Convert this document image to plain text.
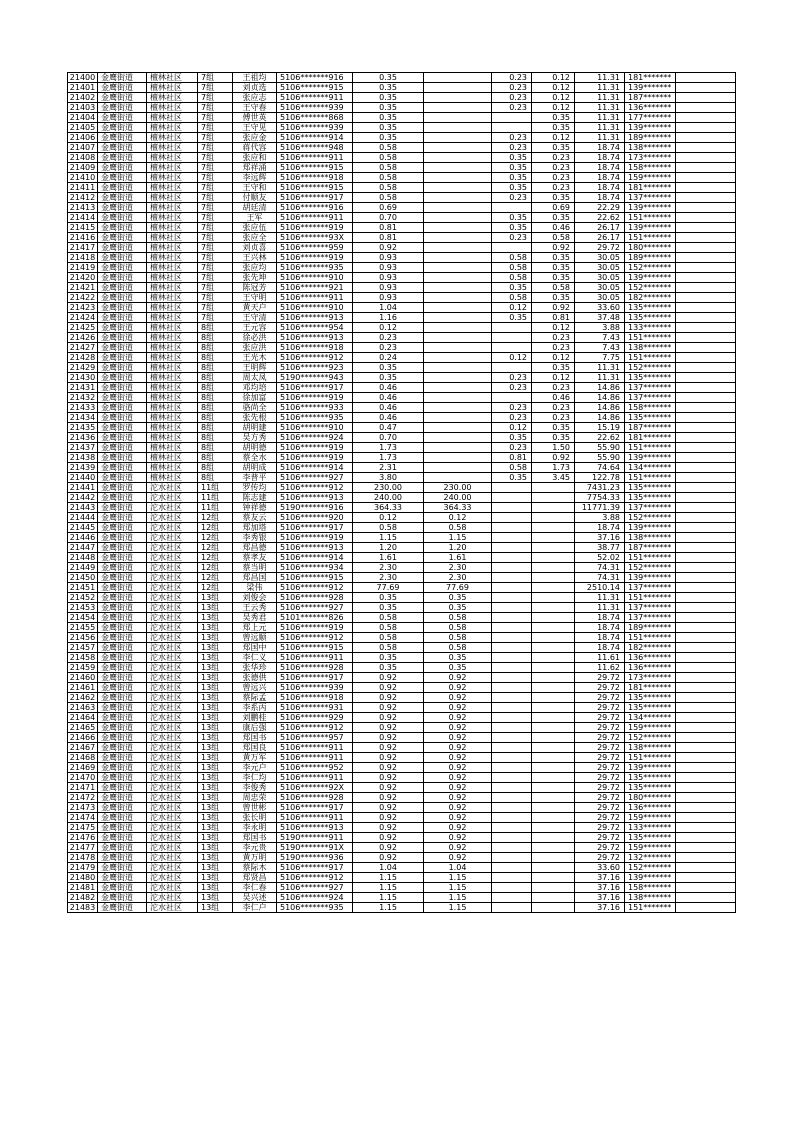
21400	金鹰街道	檀林社区	7组	王祖均	5106*******916	0.35		0.23	0.12	11.31	181*******	
21401	金鹰街道	檀林社区	7组	刘贞选	5106*******915	0.35		0.23	0.12	11.31	139*******	
21402	金鹰街道	檀林社区	7组	张应志	5106*******911	0.35		0.23	0.12	11.31	187*******	
21403	金鹰街道	檀林社区	7组	王守春	5106*******939	0.35		0.23	0.12	11.31	136*******	
21404	金鹰街道	檀林社区	7组	傅世英	5106*******868	0.35			0.35	11.31	177*******	
21405	金鹰街道	檀林社区	7组	王守见	5106*******939	0.35			0.35	11.31	139*******	
21406	金鹰街道	檀林社区	7组	张应金	5106*******914	0.35		0.23	0.12	11.31	189*******	
21407	金鹰街道	檀林社区	7组	蒋代容	5106*******948	0.58		0.23	0.35	18.74	138*******	
21408	金鹰街道	檀林社区	7组	张应和	5106*******911	0.58		0.35	0.23	18.74	173*******	
21409	金鹰街道	檀林社区	7组	郑祥涌	5106*******915	0.58		0.35	0.23	18.74	158*******	
21410	金鹰街道	檀林社区	7组	李远辉	5106*******918	0.58		0.35	0.23	18.74	159*******	
21411	金鹰街道	檀林社区	7组	王守和	5106*******915	0.58		0.35	0.23	18.74	181*******	
21412	金鹰街道	檀林社区	7组	付顺友	5106*******917	0.58		0.23	0.35	18.74	137*******	
21413	金鹰街道	檀林社区	7组	胡廷清	5106*******916	0.69			0.69	22.29	139*******	
21414	金鹰街道	檀林社区	7组	王军	5106*******911	0.70		0.35	0.35	22.62	151*******	
21415	金鹰街道	檀林社区	7组	张应伍	5106*******919	0.81		0.35	0.46	26.17	139*******	
21416	金鹰街道	檀林社区	7组	张应全	5106*******93X	0.81		0.23	0.58	26.17	151*******	
21417	金鹰街道	檀林社区	7组	刘贞喜	5106*******959	0.92			0.92	29.72	180*******	
21418	金鹰街道	檀林社区	7组	王兴林	5106*******919	0.93		0.58	0.35	30.05	189*******	
21419	金鹰街道	檀林社区	7组	张应均	5106*******935	0.93		0.58	0.35	30.05	152*******	
21420	金鹰街道	檀林社区	7组	张先坤	5106*******910	0.93		0.58	0.35	30.05	139*******	
21421	金鹰街道	檀林社区	7组	陈冠芳	5106*******921	0.93		0.35	0.58	30.05	152*******	
21422	金鹰街道	檀林社区	7组	王守明	5106*******911	0.93		0.58	0.35	30.05	182*******	
21423	金鹰街道	檀林社区	7组	黄天户	5106*******910	1.04		0.12	0.92	33.60	135*******	
21424	金鹰街道	檀林社区	7组	王守清	5106*******913	1.16		0.35	0.81	37.48	135*******	
21425	金鹰街道	檀林社区	8组	王元容	5106*******954	0.12			0.12	3.88	133*******	
21426	金鹰街道	檀林社区	8组	徐必洪	5106*******913	0.23			0.23	7.43	151*******	
21427	金鹰街道	檀林社区	8组	张应洪	5106*******918	0.23			0.23	7.43	138*******	
21428	金鹰街道	檀林社区	8组	王光木	5106*******912	0.24		0.12	0.12	7.75	151*******	
21429	金鹰街道	檀林社区	8组	王明辉	5106*******923	0.35			0.35	11.31	152*******	
21430	金鹰街道	檀林社区	8组	周太凤	5190*******943	0.35		0.23	0.12	11.31	135*******	
21431	金鹰街道	檀林社区	8组	邓均培	5106*******917	0.46		0.23	0.23	14.86	137*******	
21432	金鹰街道	檀林社区	8组	徐加富	5106*******919	0.46			0.46	14.86	137*******	
21433	金鹰街道	檀林社区	8组	骆尚全	5106*******933	0.46		0.23	0.23	14.86	158*******	
21434	金鹰街道	檀林社区	8组	张先根	5106*******935	0.46		0.23	0.23	14.86	135*******	
21435	金鹰街道	檀林社区	8组	胡明建	5106*******910	0.47		0.12	0.35	15.19	187*******	
21436	金鹰街道	檀林社区	8组	吴方秀	5106*******924	0.70		0.35	0.35	22.62	181*******	
21437	金鹰街道	檀林社区	8组	胡明德	5106*******919	1.73		0.23	1.50	55.90	151*******	
21438	金鹰街道	檀林社区	8组	蔡全水	5106*******919	1.73		0.81	0.92	55.90	139*******	
21439	金鹰街道	檀林社区	8组	胡明成	5106*******914	2.31		0.58	1.73	74.64	134*******	
21440	金鹰街道	檀林社区	8组	李普平	5106*******927	3.80		0.35	3.45	122.78	151*******	
21441	金鹰街道	沱水社区	11组	罗传均	5106*******912	230.00	230.00			7431.23	135*******	
21442	金鹰街道	沱水社区	11组	陈志建	5106*******913	240.00	240.00			7754.33	135*******	
21443	金鹰街道	沱水社区	11组	钟祥德	5190*******916	364.33	364.33			11771.39	137*******	
21444	金鹰街道	沱水社区	12组	蔡友云	5106*******920	0.12	0.12			3.88	152*******	
21445	金鹰街道	沱水社区	12组	郑加塔	5106*******917	0.58	0.58			18.74	139*******	
21446	金鹰街道	沱水社区	12组	李秀银	5106*******919	1.15	1.15			37.16	138*******	
21447	金鹰街道	沱水社区	12组	郑昌德	5106*******913	1.20	1.20			38.77	187*******	
21448	金鹰街道	沱水社区	12组	蔡孝友	5106*******914	1.61	1.61			52.02	151*******	
21449	金鹰街道	沱水社区	12组	蔡当明	5106*******934	2.30	2.30			74.31	152*******	
21450	金鹰街道	沱水社区	12组	郑昌国	5106*******915	2.30	2.30			74.31	139*******	
21451	金鹰街道	沱水社区	12组	梁伟	5106*******912	77.69	77.69			2510.14	137*******	
21452	金鹰街道	沱水社区	13组	刘俊会	5106*******928	0.35	0.35			11.31	151*******	
21453	金鹰街道	沱水社区	13组	王云秀	5106*******927	0.35	0.35			11.31	137*******	
21454	金鹰街道	沱水社区	13组	吴秀君	5101*******826	0.58	0.58			18.74	137*******	
21455	金鹰街道	沱水社区	13组	郑上元	5106*******919	0.58	0.58			18.74	189*******	
21456	金鹰街道	沱水社区	13组	曾远顺	5106*******912	0.58	0.58			18.74	151*******	
21457	金鹰街道	沱水社区	13组	郑国中	5106*******915	0.58	0.58			18.74	182*******	
21458	金鹰街道	沱水社区	13组	李仁义	5106*******911	0.35	0.35			11.61	136*******	
21459	金鹰街道	沱水社区	13组	张华珍	5106*******928	0.35	0.35			11.62	136*******	
21460	金鹰街道	沱水社区	13组	张德供	5106*******917	0.92	0.92			29.72	173*******	
21461	金鹰街道	沱水社区	13组	曾远兴	5106*******939	0.92	0.92			29.72	181*******	
21462	金鹰街道	沱水社区	13组	蔡际孟	5106*******918	0.92	0.92			29.72	135*******	
21463	金鹰街道	沱水社区	13组	李系丙	5106*******931	0.92	0.92			29.72	135*******	
21464	金鹰街道	沱水社区	13组	刘鹏桂	5106*******929	0.92	0.92			29.72	134*******	
21465	金鹰街道	沱水社区	13组	康后强	5106*******912	0.92	0.92			29.72	159*******	
21466	金鹰街道	沱水社区	13组	郑国书	5106*******957	0.92	0.92			29.72	152*******	
21467	金鹰街道	沱水社区	13组	郑国良	5106*******911	0.92	0.92			29.72	138*******	
21468	金鹰街道	沱水社区	13组	黄万军	5106*******911	0.92	0.92			29.72	151*******	
21469	金鹰街道	沱水社区	13组	李元户	5106*******952	0.92	0.92			29.72	139*******	
21470	金鹰街道	沱水社区	13组	李仁均	5106*******911	0.92	0.92			29.72	135*******	
21471	金鹰街道	沱水社区	13组	李俊秀	5106*******92X	0.92	0.92			29.72	135*******	
21472	金鹰街道	沱水社区	13组	周忠荣	5106*******928	0.92	0.92			29.72	180*******	
21473	金鹰街道	沱水社区	13组	曾世彬	5106*******917	0.92	0.92			29.72	136*******	
21474	金鹰街道	沱水社区	13组	张长明	5106*******911	0.92	0.92			29.72	159*******	
21475	金鹰街道	沱水社区	13组	李永明	5106*******913	0.92	0.92			29.72	133*******	
21476	金鹰街道	沱水社区	13组	郑国书	5190*******911	0.92	0.92			29.72	135*******	
21477	金鹰街道	沱水社区	13组	李元贵	5190*******91X	0.92	0.92			29.72	159*******	
21478	金鹰街道	沱水社区	13组	黄万明	5190*******936	0.92	0.92			29.72	132*******	
21479	金鹰街道	沱水社区	13组	蔡际木	5106*******917	1.04	1.04			33.60	152*******	
21480	金鹰街道	沱水社区	13组	郑贤昌	5106*******912	1.15	1.15			37.16	139*******	
21481	金鹰街道	沱水社区	13组	李仁春	5106*******927	1.15	1.15			37.16	158*******	
21482	金鹰街道	沱水社区	13组	吴兴述	5106*******924	1.15	1.15			37.16	138*******	
21483	金鹰街道	沱水社区	13组	李仁户	5106*******935	1.15	1.15			37.16	151*******	
